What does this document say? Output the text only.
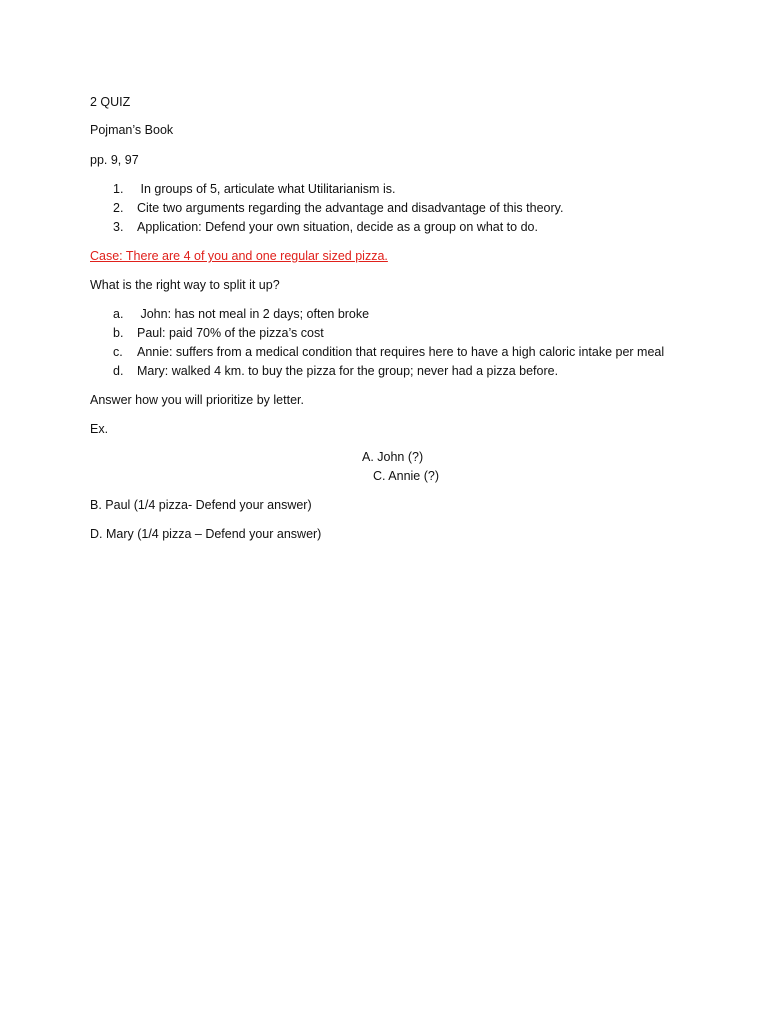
2 QUIZ
Pojman’s Book
pp. 9, 97
1. In groups of 5, articulate what Utilitarianism is.
2. Cite two arguments regarding the advantage and disadvantage of this theory.
3. Application: Defend your own situation, decide as a group on what to do.
Case: There are 4 of you and one regular sized pizza.
What is the right way to split it up?
a. John: has not meal in 2 days; often broke
b. Paul: paid 70% of the pizza’s cost
c. Annie: suffers from a medical condition that requires here to have a high caloric intake per meal
d. Mary: walked 4 km. to buy the pizza for the group; never had a pizza before.
Answer how you will prioritize by letter.
Ex.
A. John (?)
C. Annie (?)
B. Paul (1/4 pizza- Defend your answer)
D. Mary (1/4 pizza – Defend your answer)
